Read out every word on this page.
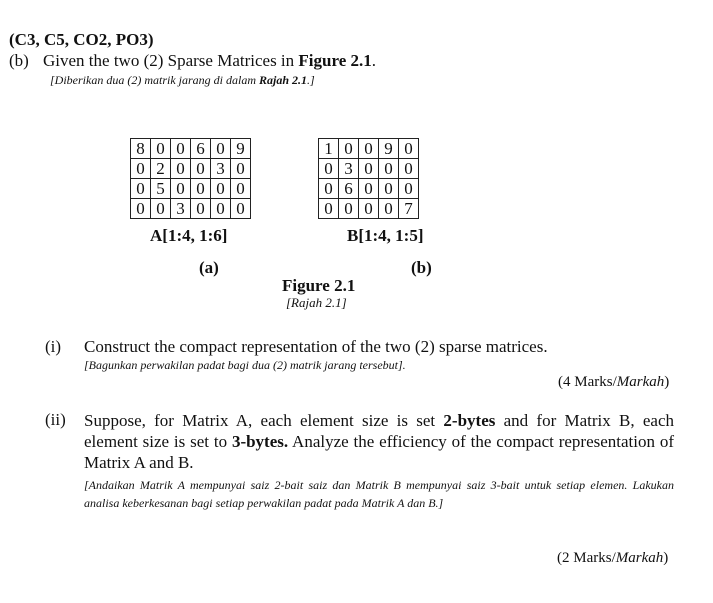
(C3, C5, CO2, PO3)
(b) Given the two (2) Sparse Matrices in Figure 2.1.
[Diberikan dua (2) matrik jarang di dalam Rajah 2.1.]
8	0	0	6	0	9
0	2	0	0	3	0
0	5	0	0	0	0
0	0	3	0	0	0
A[1:4, 1:6]
(a)
1	0	0	9	0
0	3	0	0	0
0	6	0	0	0
0	0	0	0	7
B[1:4, 1:5]
(b)
Figure 2.1
[Rajah 2.1]
(i) Construct the compact representation of the two (2) sparse matrices.
[Bagunkan perwakilan padat bagi dua (2) matrik jarang tersebut].
(4 Marks/Markah)
(ii) Suppose, for Matrix A, each element size is set 2-bytes and for Matrix B, each element size is set to 3-bytes. Analyze the efficiency of the compact representation of Matrix A and B.
[Andaikan Matrik A mempunyai saiz 2-bait saiz dan Matrik B mempunyai saiz 3-bait untuk setiap elemen. Lakukan analisa keberkesanan bagi setiap perwakilan padat pada Matrik A dan B.]
(2 Marks/Markah)
